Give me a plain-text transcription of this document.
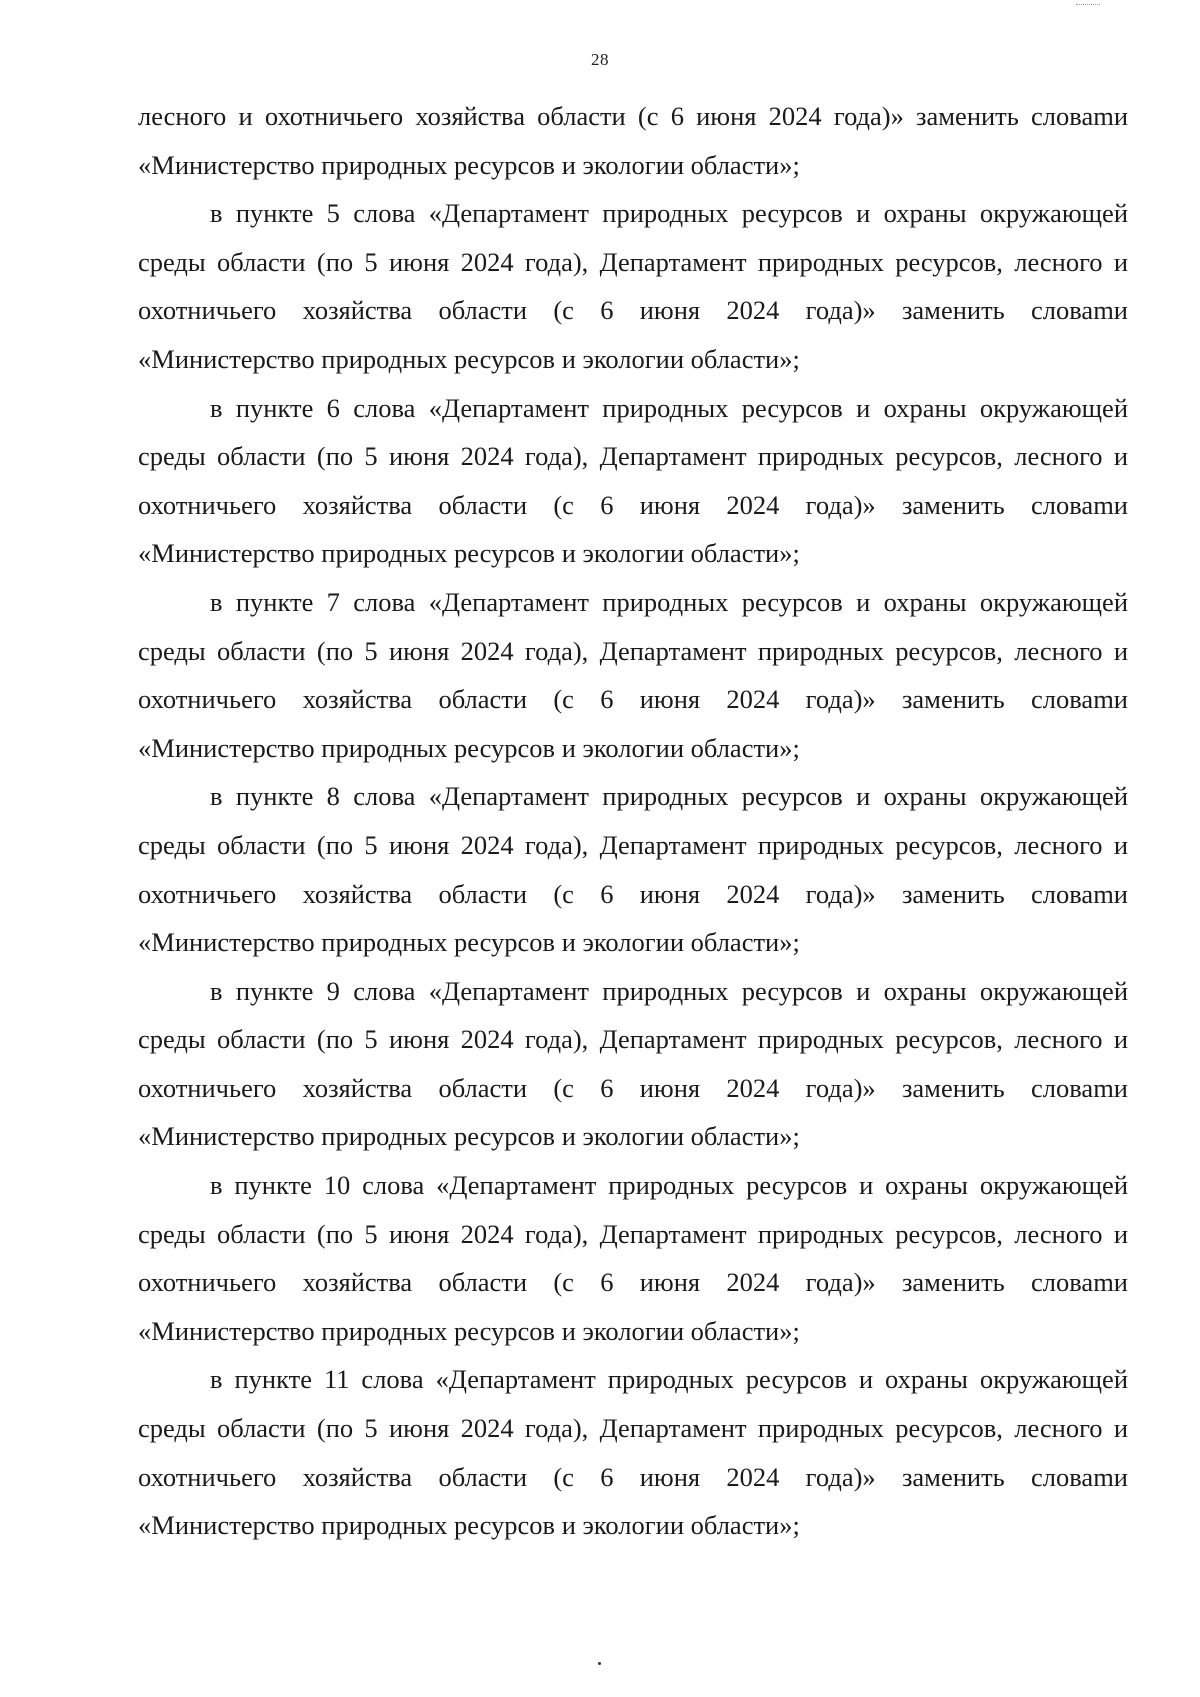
28

лесного и охотничьего хозяйства области (с 6 июня 2024 года)» заменить словаmи «Министерство природных ресурсов и экологии области»;

в пункте 5 слова «Департамент природных ресурсов и охраны окружающей среды области (по 5 июня 2024 года), Департамент природных ресурсов, лесного и охотничьего хозяйства области (с 6 июня 2024 года)» заменить словаmи «Министерство природных ресурсов и экологии области»;

в пункте 6 слова «Департамент природных ресурсов и охраны окружающей среды области (по 5 июня 2024 года), Департамент природных ресурсов, лесного и охотничьего хозяйства области (с 6 июня 2024 года)» заменить словаmи «Министерство природных ресурсов и экологии области»;

в пункте 7 слова «Департамент природных ресурсов и охраны окружающей среды области (по 5 июня 2024 года), Департамент природных ресурсов, лесного и охотничьего хозяйства области (с 6 июня 2024 года)» заменить словаmи «Министерство природных ресурсов и экологии области»;

в пункте 8 слова «Департамент природных ресурсов и охраны окружающей среды области (по 5 июня 2024 года), Департамент природных ресурсов, лесного и охотничьего хозяйства области (с 6 июня 2024 года)» заменить словаmи «Министерство природных ресурсов и экологии области»;

в пункте 9 слова «Департамент природных ресурсов и охраны окружающей среды области (по 5 июня 2024 года), Департамент природных ресурсов, лесного и охотничьего хозяйства области (с 6 июня 2024 года)» заменить словаmи «Министерство природных ресурсов и экологии области»;

в пункте 10 слова «Департамент природных ресурсов и охраны окружающей среды области (по 5 июня 2024 года), Департамент природных ресурсов, лесного и охотничьего хозяйства области (с 6 июня 2024 года)» заменить словаmи «Министерство природных ресурсов и экологии области»;

в пункте 11 слова «Департамент природных ресурсов и охраны окружающей среды области (по 5 июня 2024 года), Департамент природных ресурсов, лесного и охотничьего хозяйства области (с 6 июня 2024 года)» заменить словаmи «Министерство природных ресурсов и экологии области»;
